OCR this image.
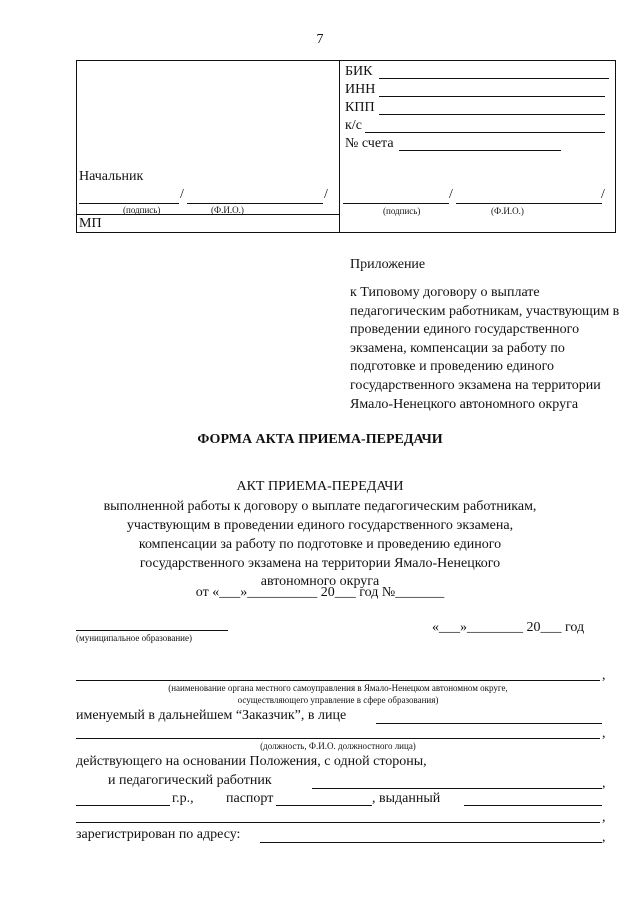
7
БИК
ИНН
КПП
к/с
№ счета
Начальник
/	/
(подпись)	(Ф.И.О.)
МП
/	/
(подпись)	(Ф.И.О.)
Приложение
к Типовому договору о выплате педагогическим работникам, участвующим в проведении единого государственного экзамена, компенсации за работу по подготовке и проведению единого государственного экзамена на территории Ямало-Ненецкого автономного округа
ФОРМА АКТА ПРИЕМА-ПЕРЕДАЧИ
АКТ ПРИЕМА-ПЕРЕДАЧИ
выполненной работы к договору о выплате педагогическим работникам,
участвующим в проведении единого государственного экзамена,
компенсации за работу по подготовке и проведению единого
государственного экзамена на территории Ямало-Ненецкого
автономного округа
от «___»__________ 20___ год №_______
(муниципальное образование)
«___»________ 20___ год
,
(наименование органа местного самоуправления в Ямало-Ненецком автономном округе,
осуществляющего управление в сфере образования)
именуемый в дальнейшем “Заказчик”, в лице
,
(должность, Ф.И.О. должностного лица)
действующего на основании Положения, с одной стороны,
и педагогический работник	,
г.р., паспорт	, выданный
,
зарегистрирован по адресу:	,
